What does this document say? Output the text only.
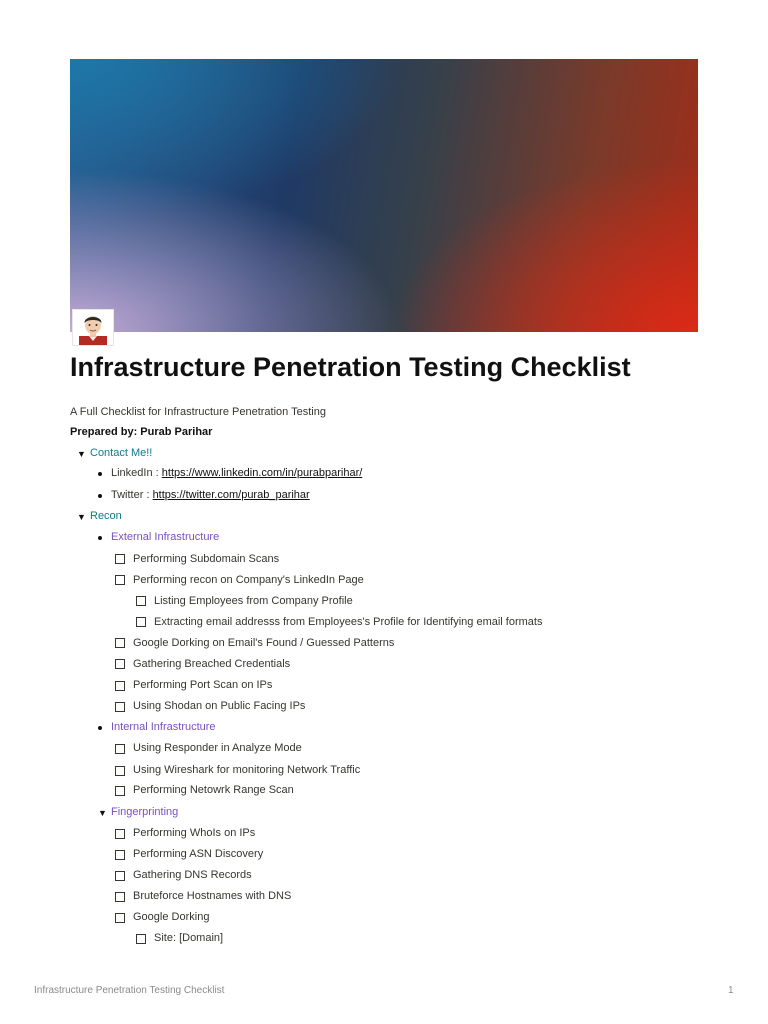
Infrastructure Penetration Testing Checklist
A Full Checklist for Infrastructure Penetration Testing
Prepared by: Purab Parihar
▼ Contact Me!!
LinkedIn : https://www.linkedin.com/in/purabparihar/
Twitter : https://twitter.com/purab_parihar
▼ Recon
External Infrastructure
Performing Subdomain Scans
Performing recon on Company's LinkedIn Page
Listing Employees from Company Profile
Extracting email addresss from Employees's Profile for Identifying email formats
Google Dorking on Email's Found / Guessed Patterns
Gathering Breached Credentials
Performing Port Scan on IPs
Using Shodan on Public Facing IPs
Internal Infrastructure
Using Responder in Analyze Mode
Using Wireshark for monitoring Network Traffic
Performing Netowrk Range Scan
▼ Fingerprinting
Performing WhoIs on IPs
Performing ASN Discovery
Gathering DNS Records
Bruteforce Hostnames with DNS
Google Dorking
Site: [Domain]
Infrastructure Penetration Testing Checklist	1
